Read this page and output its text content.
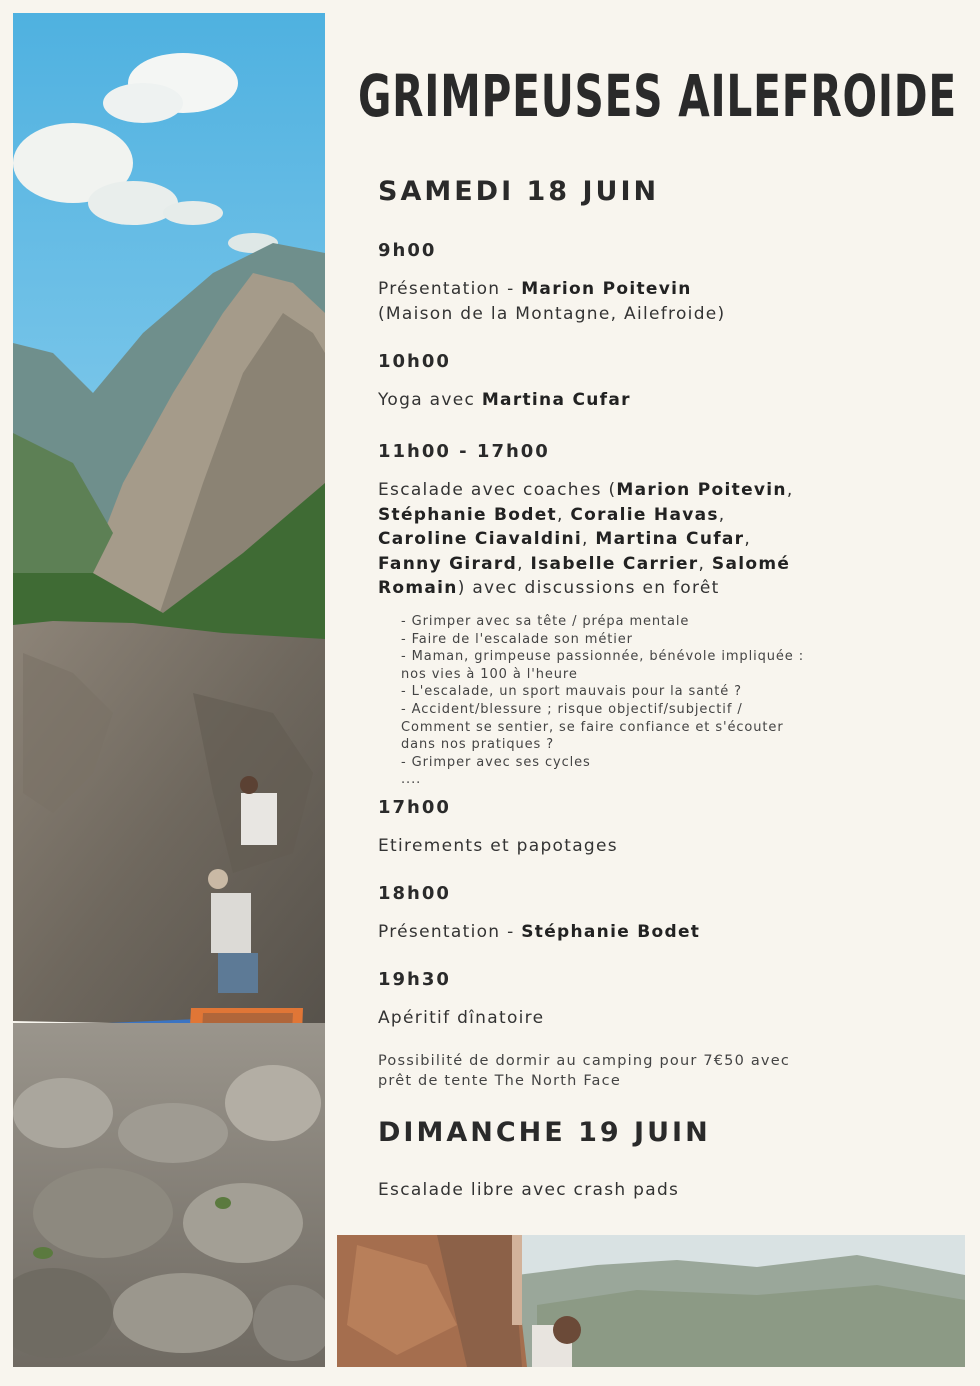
GRIMPEUSES AILEFROIDE
SAMEDI 18 JUIN
9h00
Présentation - Marion Poitevin
(Maison de la Montagne, Ailefroide)
10h00
Yoga avec Martina Cufar
11h00 - 17h00
Escalade avec coaches (Marion Poitevin,
Stéphanie Bodet, Coralie Havas,
Caroline Ciavaldini, Martina Cufar,
Fanny Girard, Isabelle Carrier, Salomé
Romain) avec discussions en forêt
- Grimper avec sa tête / prépa mentale
- Faire de l'escalade son métier
- Maman, grimpeuse passionnée, bénévole impliquée :
nos vies à 100 à l'heure
- L'escalade, un sport mauvais pour la santé ?
- Accident/blessure ; risque objectif/subjectif /
Comment se sentier, se faire confiance et s'écouter
dans nos pratiques ?
- Grimper avec ses cycles
....
17h00
Etirements et papotages
18h00
Présentation - Stéphanie Bodet
19h30
Apéritif dînatoire
Possibilité de dormir au camping pour 7€50 avec
prêt de tente The North Face
DIMANCHE 19 JUIN
Escalade libre avec crash pads
